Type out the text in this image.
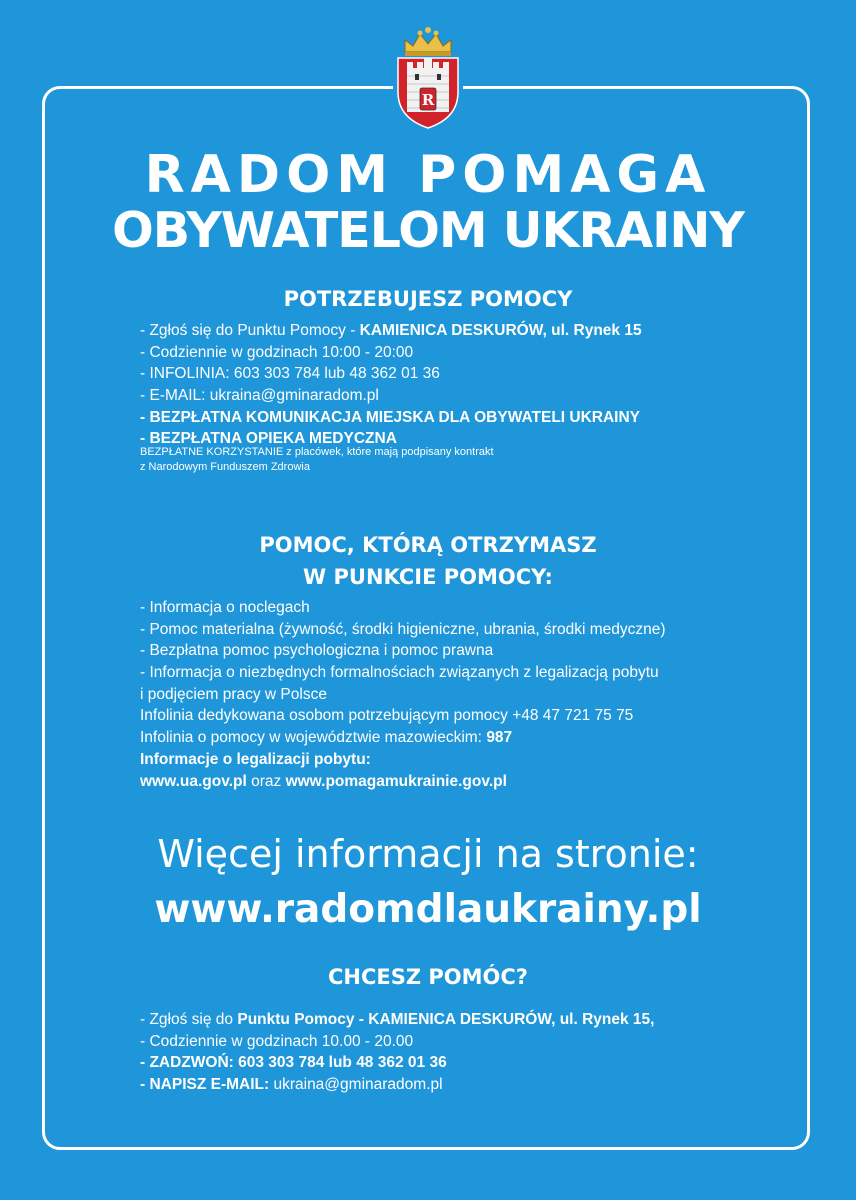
R
RADOM POMAGA
OBYWATELOM UKRAINY
POTRZEBUJESZ POMOCY
- Zgłoś się do Punktu Pomocy - KAMIENICA DESKURÓW, ul. Rynek 15
- Codziennie w godzinach 10:00 - 20:00
- INFOLINIA: 603 303 784 lub 48 362 01 36
- E-MAIL: ukraina@gminaradom.pl
- BEZPŁATNA KOMUNIKACJA MIEJSKA DLA OBYWATELI UKRAINY
- BEZPŁATNA OPIEKA MEDYCZNA
BEZPŁATNE KORZYSTANIE z placówek, które mają podpisany kontrakt
z Narodowym Funduszem Zdrowia
POMOC, KTÓRĄ OTRZYMASZ
W PUNKCIE POMOCY:
- Informacja o noclegach
- Pomoc materialna (żywność, środki higieniczne, ubrania, środki medyczne)
- Bezpłatna pomoc psychologiczna i pomoc prawna
- Informacja o niezbędnych formalnościach związanych z legalizacją pobytu
i podjęciem pracy w Polsce
Infolinia dedykowana osobom potrzebującym pomocy +48 47 721 75 75
Infolinia o pomocy w województwie mazowieckim: 987
Informacje o legalizacji pobytu:
www.ua.gov.pl oraz www.pomagamukrainie.gov.pl
Więcej informacji na stronie:
www.radomdlaukrainy.pl
CHCESZ POMÓC?
- Zgłoś się do Punktu Pomocy - KAMIENICA DESKURÓW, ul. Rynek 15,
- Codziennie w godzinach 10.00 - 20.00
- ZADZWOŃ: 603 303 784 lub 48 362 01 36
- NAPISZ E-MAIL: ukraina@gminaradom.pl
